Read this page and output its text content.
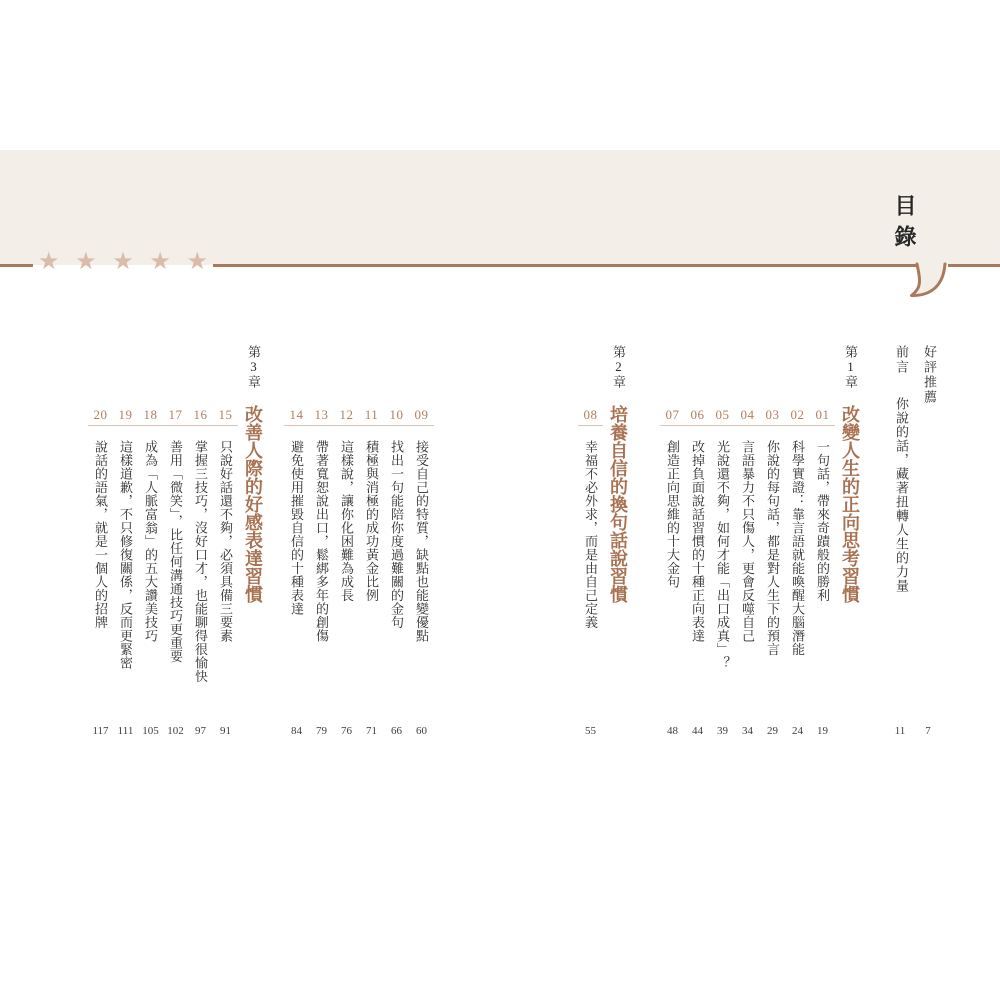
★ ★ ★ ★ ★
目錄
好評推薦
7
前言你說的話，藏著扭轉人生的力量
11
第1章改變人生的正向思考習慣
01
一句話，帶來奇蹟般的勝利
19
02
科學實證：靠言語就能喚醒大腦潛能
24
03
你說的每句話，都是對人生下的預言
29
04
言語暴力不只傷人，更會反噬自己
34
05
光說還不夠，如何才能「出口成真」？
39
06
改掉負面說話習慣的十種正向表達
44
07
創造正向思維的十大金句
48
第2章培養自信的換句話說習慣
08
幸福不必外求，而是由自己定義
55
09
接受自己的特質，缺點也能變優點
60
10
找出一句能陪你度過難關的金句
66
11
積極與消極的成功黃金比例
71
12
這樣說，讓你化困難為成長
76
13
帶著寬恕說出口，鬆綁多年的創傷
79
14
避免使用摧毀自信的十種表達
84
第3章改善人際的好感表達習慣
15
只說好話還不夠，必須具備三要素
91
16
掌握三技巧，沒好口才，也能聊得很愉快
97
17
善用「微笑」，比任何溝通技巧更重要
102
18
成為「人脈富翁」的五大讚美技巧
105
19
這樣道歉，不只修復關係，反而更緊密
111
20
說話的語氣，就是一個人的招牌
117
